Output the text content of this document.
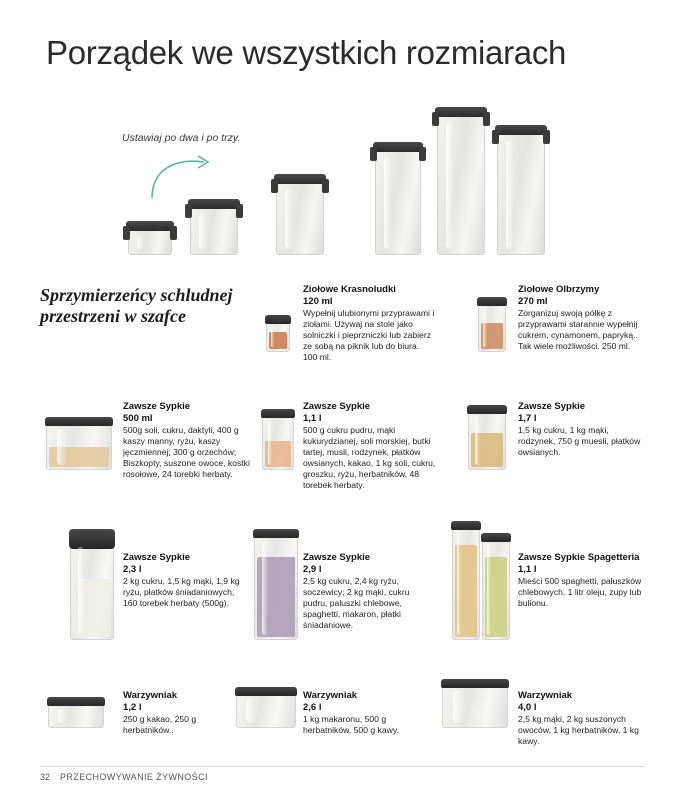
Porządek we wszystkich rozmiarach
Ustawiaj po dwa i po trzy.
Sprzymierzeńcy schludnej przestrzeni w szafce
Ziołowe Krasnoludki
120 ml
Wypełnij ulubionymi przyprawami i ziołami. Używaj na stole jako solniczki i pieprzniczki lub zabierz ze sobą na piknik lub do biura. 100 ml.
Ziołowe Olbrzymy
270 ml
Zorganizuj swoją półkę z przyprawami starannie wypełnij cukrem, cynamonem, papryką.. Tak wiele możliwości. 250 ml.
Zawsze Sypkie
500 ml
500g soli, cukru, daktyli, 400 g kaszy manny, ryżu, kaszy jęczmiennej; 300 g orzechów; Biszkopty, suszone owoce, kostki rosołowe, 24 torebki herbaty.
Zawsze Sypkie
1,1 l
500 g cukru pudru, mąki kukurydzianej, soli morskiej, butki tartej, musli, rodzynek, płatków owsianych, kakao, 1 kg soli, cukru, groszku, ryżu, herbatników, 48 torebek herbaty.
Zawsze Sypkie
1,7 l
1,5 kg cukru, 1 kg mąki, rodzynek, 750 g muesli, płatków owsianych.
Zawsze Sypkie
2,3 l
2 kg cukru, 1,5 kg mąki, 1,9 kg ryżu, płatków śniadaniowych, 160 torebek herbaty (500g).
Zawsze Sypkie
2,9 l
2,5 kg cukru, 2,4 kg ryżu, soczewicy; 2 kg mąki, cukru pudru, paluszki chlebowe, spaghetti, makaron, płatki śniadaniowe.
Zawsze Sypkie Spagetteria
1,1 l
Mieści 500 spaghetti, paluszków chlebowych, 1 litr oleju, zupy lub bulionu.
Warzywniak
1,2 l
250 g kakao, 250 g herbatników..
Warzywniak
2,6 l
1 kg makaronu, 500 g herbatników, 500 g kawy.
Warzywniak
4,0 l
2,5 kg mąki, 2 kg suszonych owoców, 1 kg herbatników, 1 kg kawy.
32 PRZECHOWYWANIE ŻYWNOŚCI
